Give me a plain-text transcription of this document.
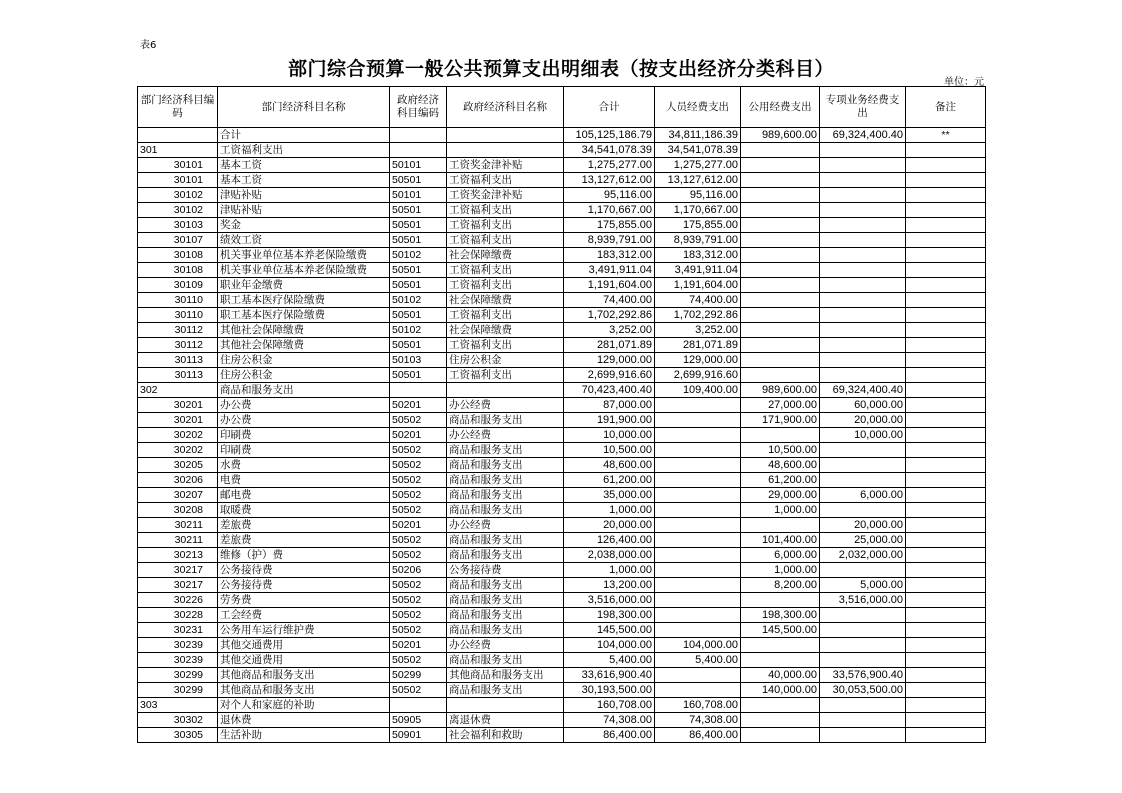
表6
部门综合预算一般公共预算支出明细表（按支出经济分类科目）
单位：元
部门经济科目编码	部门经济科目名称	政府经济科目编码	政府经济科目名称	合计	人员经费支出	公用经费支出	专项业务经费支出	备注
	合计			105,125,186.79	34,811,186.39	989,600.00	69,324,400.40	**
301	工资福利支出			34,541,078.39	34,541,078.39			
30101	基本工资	50101	工资奖金津补贴	1,275,277.00	1,275,277.00			
30101	基本工资	50501	工资福利支出	13,127,612.00	13,127,612.00			
30102	津贴补贴	50101	工资奖金津补贴	95,116.00	95,116.00			
30102	津贴补贴	50501	工资福利支出	1,170,667.00	1,170,667.00			
30103	奖金	50501	工资福利支出	175,855.00	175,855.00			
30107	绩效工资	50501	工资福利支出	8,939,791.00	8,939,791.00			
30108	机关事业单位基本养老保险缴费	50102	社会保障缴费	183,312.00	183,312.00			
30108	机关事业单位基本养老保险缴费	50501	工资福利支出	3,491,911.04	3,491,911.04			
30109	职业年金缴费	50501	工资福利支出	1,191,604.00	1,191,604.00			
30110	职工基本医疗保险缴费	50102	社会保障缴费	74,400.00	74,400.00			
30110	职工基本医疗保险缴费	50501	工资福利支出	1,702,292.86	1,702,292.86			
30112	其他社会保障缴费	50102	社会保障缴费	3,252.00	3,252.00			
30112	其他社会保障缴费	50501	工资福利支出	281,071.89	281,071.89			
30113	住房公积金	50103	住房公积金	129,000.00	129,000.00			
30113	住房公积金	50501	工资福利支出	2,699,916.60	2,699,916.60			
302	商品和服务支出			70,423,400.40	109,400.00	989,600.00	69,324,400.40	
30201	办公费	50201	办公经费	87,000.00		27,000.00	60,000.00	
30201	办公费	50502	商品和服务支出	191,900.00		171,900.00	20,000.00	
30202	印刷费	50201	办公经费	10,000.00			10,000.00	
30202	印刷费	50502	商品和服务支出	10,500.00		10,500.00		
30205	水费	50502	商品和服务支出	48,600.00		48,600.00		
30206	电费	50502	商品和服务支出	61,200.00		61,200.00		
30207	邮电费	50502	商品和服务支出	35,000.00		29,000.00	6,000.00	
30208	取暖费	50502	商品和服务支出	1,000.00		1,000.00		
30211	差旅费	50201	办公经费	20,000.00			20,000.00	
30211	差旅费	50502	商品和服务支出	126,400.00		101,400.00	25,000.00	
30213	维修（护）费	50502	商品和服务支出	2,038,000.00		6,000.00	2,032,000.00	
30217	公务接待费	50206	公务接待费	1,000.00		1,000.00		
30217	公务接待费	50502	商品和服务支出	13,200.00		8,200.00	5,000.00	
30226	劳务费	50502	商品和服务支出	3,516,000.00			3,516,000.00	
30228	工会经费	50502	商品和服务支出	198,300.00		198,300.00		
30231	公务用车运行维护费	50502	商品和服务支出	145,500.00		145,500.00		
30239	其他交通费用	50201	办公经费	104,000.00	104,000.00			
30239	其他交通费用	50502	商品和服务支出	5,400.00	5,400.00			
30299	其他商品和服务支出	50299	其他商品和服务支出	33,616,900.40		40,000.00	33,576,900.40	
30299	其他商品和服务支出	50502	商品和服务支出	30,193,500.00		140,000.00	30,053,500.00	
303	对个人和家庭的补助			160,708.00	160,708.00			
30302	退休费	50905	离退休费	74,308.00	74,308.00			
30305	生活补助	50901	社会福利和救助	86,400.00	86,400.00			
